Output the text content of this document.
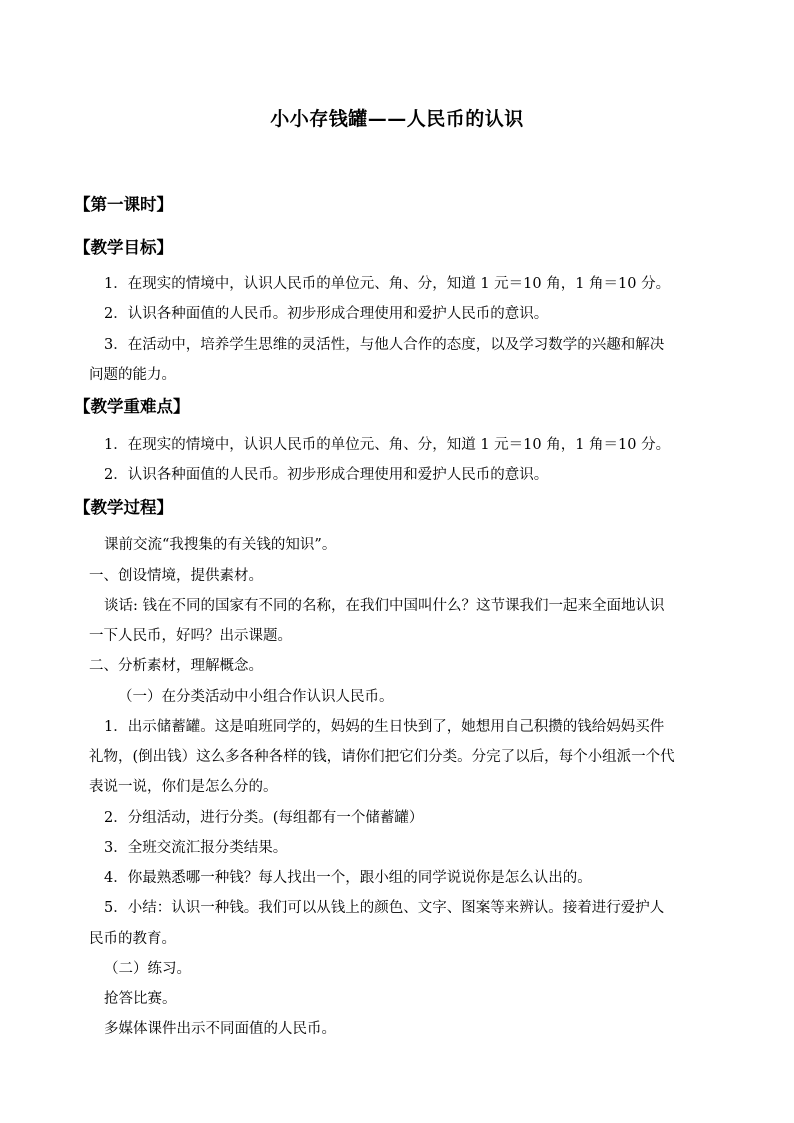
小小存钱罐——人民币的认识
【第一课时】
【教学目标】
1．在现实的情境中，认识人民币的单位元、角、分，知道 1 元＝10 角，1 角＝10 分。
2．认识各种面值的人民币。初步形成合理使用和爱护人民币的意识。
3．在活动中，培养学生思维的灵活性，与他人合作的态度，以及学习数学的兴趣和解决
问题的能力。
【教学重难点】
1．在现实的情境中，认识人民币的单位元、角、分，知道 1 元＝10 角，1 角＝10 分。
2．认识各种面值的人民币。初步形成合理使用和爱护人民币的意识。
【教学过程】
课前交流“我搜集的有关钱的知识”。
一、创设情境，提供素材。
谈话: 钱在不同的国家有不同的名称，在我们中国叫什么？这节课我们一起来全面地认识
一下人民币，好吗？出示课题。
二、分析素材，理解概念。
（一）在分类活动中小组合作认识人民币。
1．出示储蓄罐。这是咱班同学的，妈妈的生日快到了，她想用自己积攒的钱给妈妈买件
礼物，(倒出钱）这么多各种各样的钱，请你们把它们分类。分完了以后，每个小组派一个代
表说一说，你们是怎么分的。
2．分组活动，进行分类。(每组都有一个储蓄罐）
3．全班交流汇报分类结果。
4．你最熟悉哪一种钱？每人找出一个，跟小组的同学说说你是怎么认出的。
5．小结：认识一种钱。我们可以从钱上的颜色、文字、图案等来辨认。接着进行爱护人
民币的教育。
（二）练习。
抢答比赛。
多媒体课件出示不同面值的人民币。
